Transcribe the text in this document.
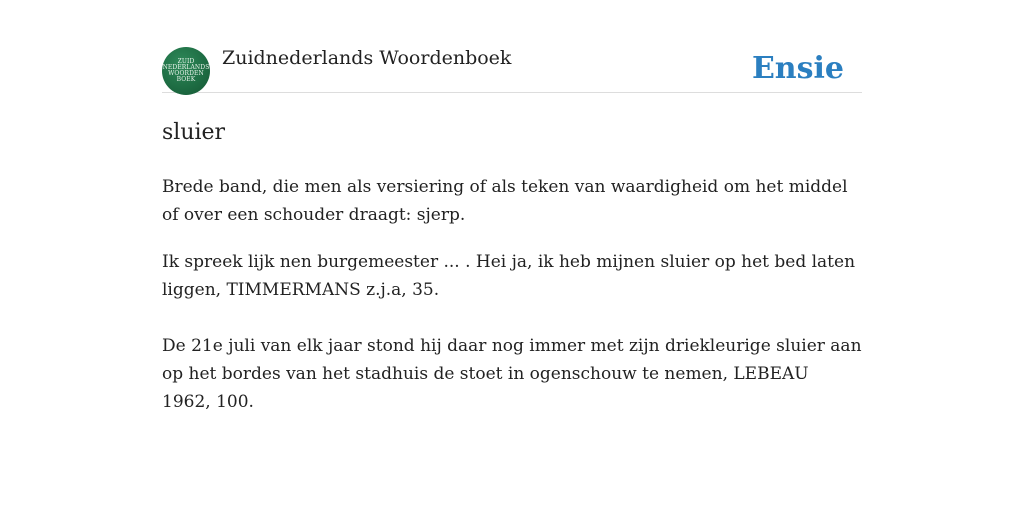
ZUID
NEDERLANDS
WOORDEN
BOEK
Zuidnederlands Woordenboek	Ensie
sluier

Brede band, die men als versiering of als teken van waardigheid om het middel of over een schouder draagt: sjerp.

Ik spreek lijk nen burgemeester ... . Hei ja, ik heb mijnen sluier op het bed laten liggen, TIMMERMANS z.j.a, 35.

De 21e juli van elk jaar stond hij daar nog immer met zijn driekleurige sluier aan op het bordes van het stadhuis de stoet in ogenschouw te nemen, LEBEAU 1962, 100.
